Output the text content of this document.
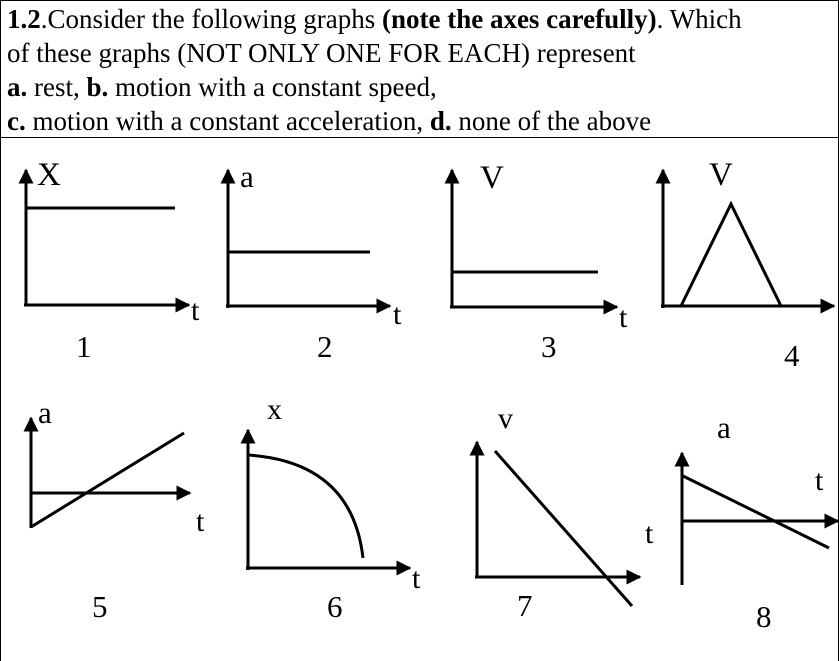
1.2.Consider the following graphs (note the axes carefully). Which
of these graphs (NOT ONLY ONE FOR EACH) represent
a. rest, b. motion with a constant speed,
c. motion with a constant acceleration, d. none of the above
X
t
1
a
t
2
V
t
3
V
4
a
t
5
x
t
6
v
t
7
a
t
8
